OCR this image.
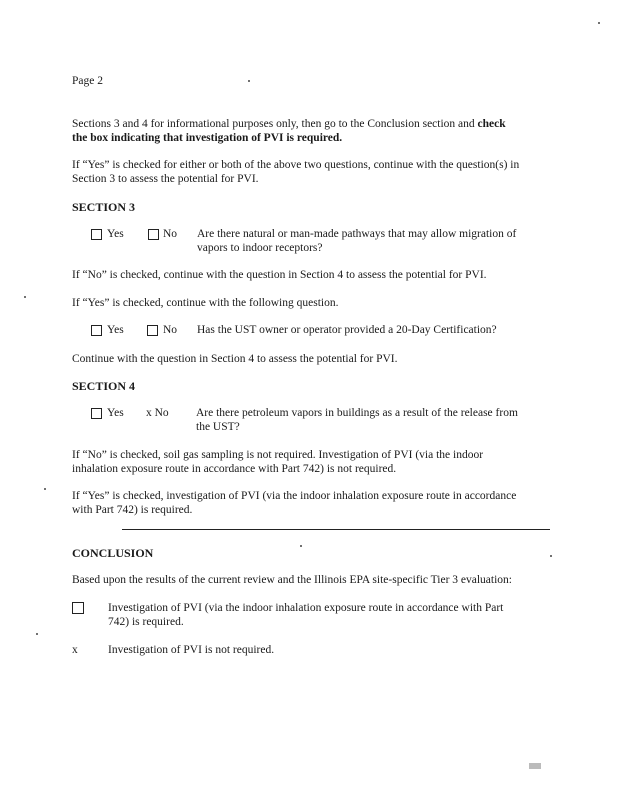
Page 2
Sections 3 and 4 for informational purposes only, then go to the Conclusion section and check
the box indicating that investigation of PVI is required.
If “Yes” is checked for either or both of the above two questions, continue with the question(s) in
Section 3 to assess the potential for PVI.
SECTION 3
Yes	No Are there natural or man-made pathways that may allow migration of
vapors to indoor receptors?
If “No” is checked, continue with the question in Section 4 to assess the potential for PVI.
If “Yes” is checked, continue with the following question.
Yes	No Has the UST owner or operator provided a 20-Day Certification?
Continue with the question in Section 4 to assess the potential for PVI.
SECTION 4
Yes x No Are there petroleum vapors in buildings as a result of the release from
the UST?
If “No” is checked, soil gas sampling is not required. Investigation of PVI (via the indoor
inhalation exposure route in accordance with Part 742) is not required.
If “Yes” is checked, investigation of PVI (via the indoor inhalation exposure route in accordance
with Part 742) is required.
CONCLUSION
Based upon the results of the current review and the Illinois EPA site-specific Tier 3 evaluation:
Investigation of PVI (via the indoor inhalation exposure route in accordance with Part
742) is required.
x	Investigation of PVI is not required.
